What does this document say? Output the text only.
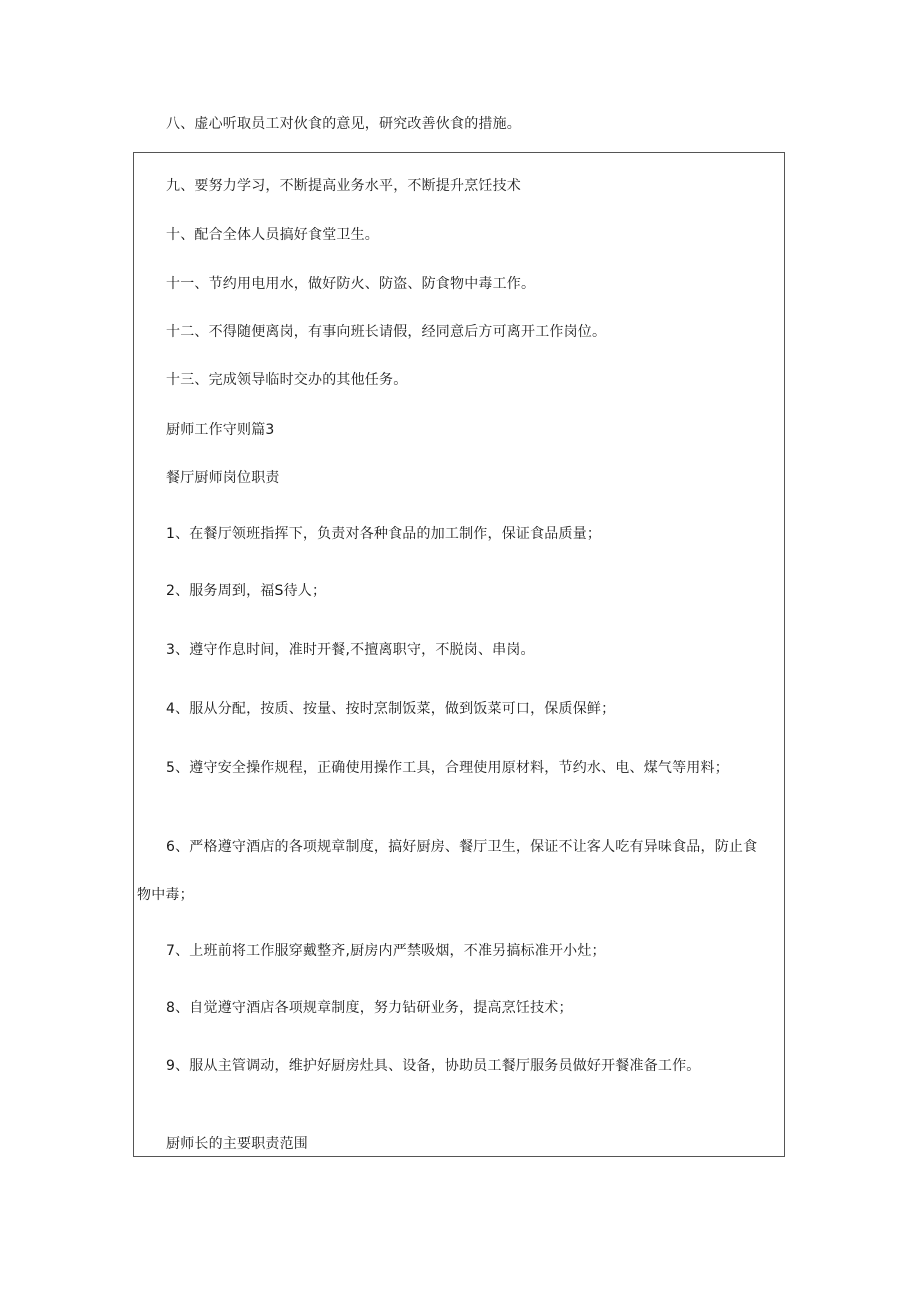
八、虚心听取员工对伙食的意见，研究改善伙食的措施。
九、要努力学习，不断提高业务水平，不断提升烹饪技术
十、配合全体人员搞好食堂卫生。
十一、节约用电用水，做好防火、防盗、防食物中毒工作。
十二、不得随便离岗，有事向班长请假，经同意后方可离开工作岗位。
十三、完成领导临时交办的其他任务。
厨师工作守则篇3
餐厅厨师岗位职责
1、在餐厅领班指挥下，负责对各种食品的加工制作，保证食品质量；
2、服务周到，福S待人；
3、遵守作息时间，准时开餐,不擅离职守，不脱岗、串岗。
4、服从分配，按质、按量、按时烹制饭菜，做到饭菜可口，保质保鲜；
5、遵守安全操作规程，正确使用操作工具，合理使用原材料，节约水、电、煤气等用料；
6、严格遵守酒店的各项规章制度，搞好厨房、餐厅卫生，保证不让客人吃有异味食品，防止食
物中毒；
7、上班前将工作服穿戴整齐,厨房内严禁吸烟，不准另搞标准开小灶；
8、自觉遵守酒店各项规章制度，努力钻研业务，提高烹饪技术；
9、服从主管调动，维护好厨房灶具、设备，协助员工餐厅服务员做好开餐准备工作。
厨师长的主要职责范围
